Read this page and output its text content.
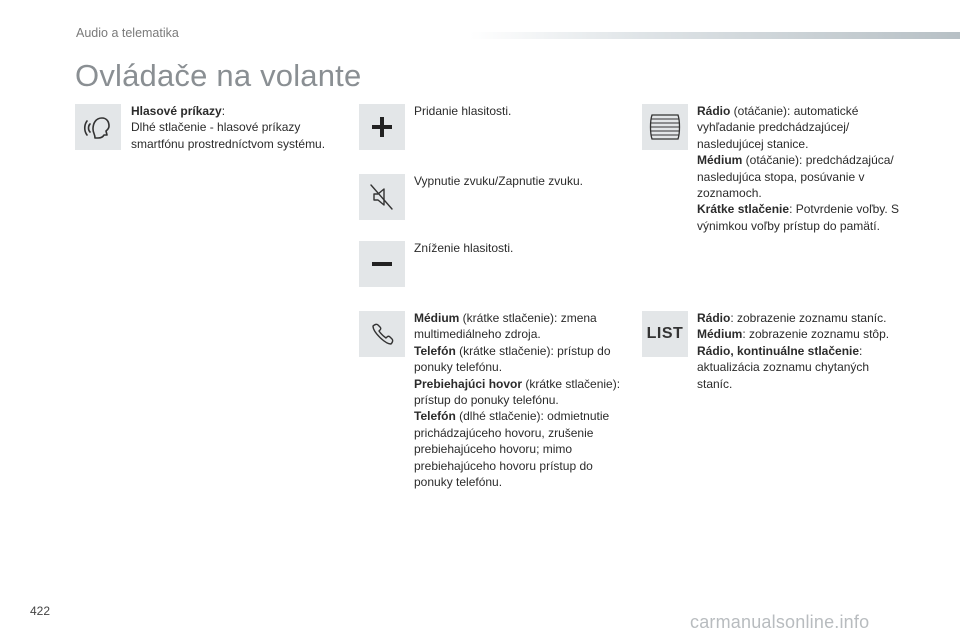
Audio a telematika
Ovládače na volante
Hlasové príkazy:
Dlhé stlačenie - hlasové príkazy smartfónu prostredníctvom systému.
Pridanie hlasitosti.
Vypnutie zvuku/Zapnutie zvuku.
Zníženie hlasitosti.
Médium (krátke stlačenie): zmena multimediálneho zdroja.
Telefón (krátke stlačenie): prístup do ponuky telefónu.
Prebiehajúci hovor (krátke stlačenie): prístup do ponuky telefónu.
Telefón (dlhé stlačenie): odmietnutie prichádzajúceho hovoru, zrušenie prebiehajúceho hovoru; mimo prebiehajúceho hovoru prístup do ponuky telefónu.
Rádio (otáčanie): automatické vyhľadanie predchádzajúcej/ nasledujúcej stanice.
Médium (otáčanie): predchádzajúca/ nasledujúca stopa, posúvanie v zoznamoch.
Krátke stlačenie: Potvrdenie voľby. S výnimkou voľby prístup do pamätí.
LIST
Rádio: zobrazenie zoznamu staníc.
Médium: zobrazenie zoznamu stôp.
Rádio, kontinuálne stlačenie: aktualizácia zoznamu chytaných staníc.
422
carmanualsonline.info
